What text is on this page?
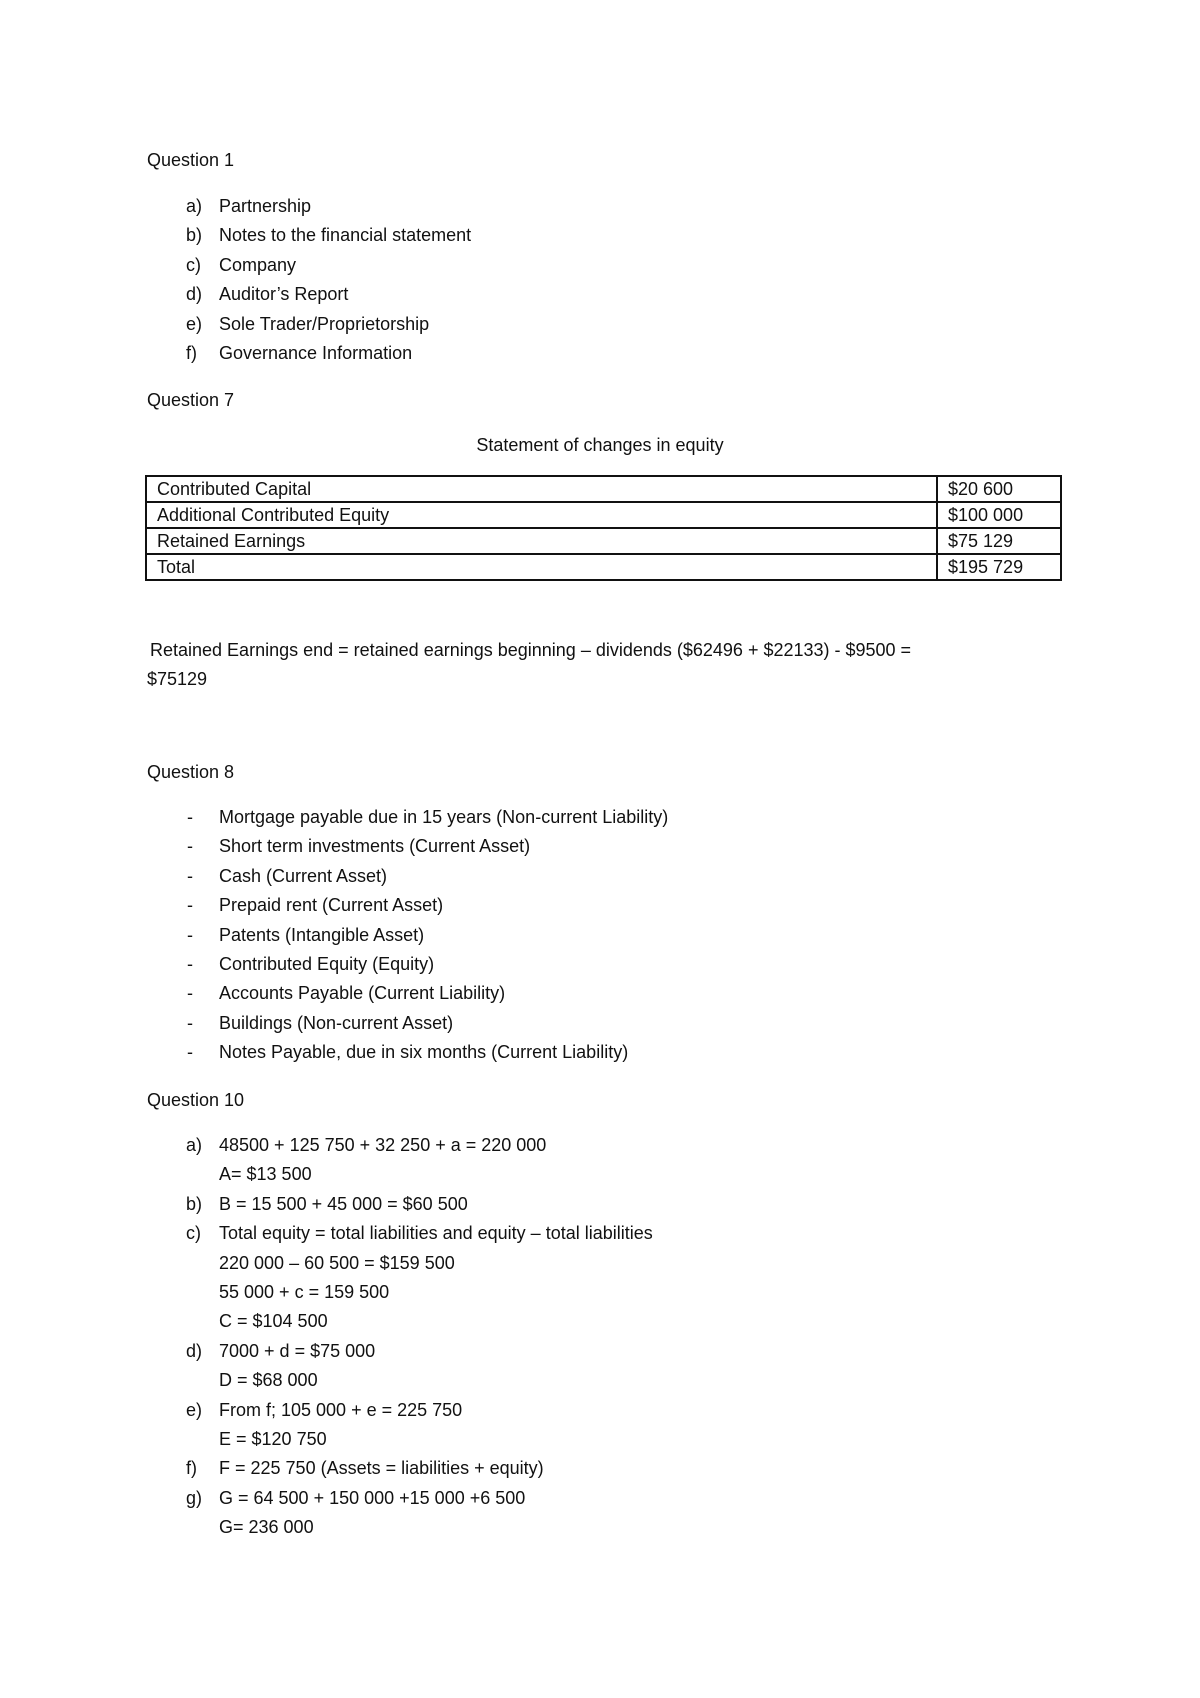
Question 1
a) Partnership
b) Notes to the financial statement
c)	Company
d) Auditor’s Report
e) Sole Trader/Proprietorship
f)	Governance Information
Question 7
Statement of changes in equity
Contributed Capital	$20 600
Additional Contributed Equity	$100 000
Retained Earnings	$75 129
Total	$195 729
Retained Earnings end = retained earnings beginning – dividends ($62496 + $22133) - $9500 =
$75129
Question 8
-	Mortgage payable due in 15 years (Non-current Liability)
-	Short term investments (Current Asset)
-	Cash (Current Asset)
-	Prepaid rent (Current Asset)
-	Patents (Intangible Asset)
-	Contributed Equity (Equity)
-	Accounts Payable (Current Liability)
-	Buildings (Non-current Asset)
-	Notes Payable, due in six months (Current Liability)
Question 10
a) 48500 + 125 750 + 32 250 + a = 220 000
A= $13 500
b) B = 15 500 + 45 000 = $60 500
c)	Total equity = total liabilities and equity – total liabilities
220 000 – 60 500 = $159 500
55 000 + c = 159 500
C = $104 500
d) 7000 + d = $75 000
D = $68 000
e) From f; 105 000 + e = 225 750
E = $120 750
f)	F = 225 750 (Assets = liabilities + equity)
g) G = 64 500 + 150 000 +15 000 +6 500
G= 236 000
